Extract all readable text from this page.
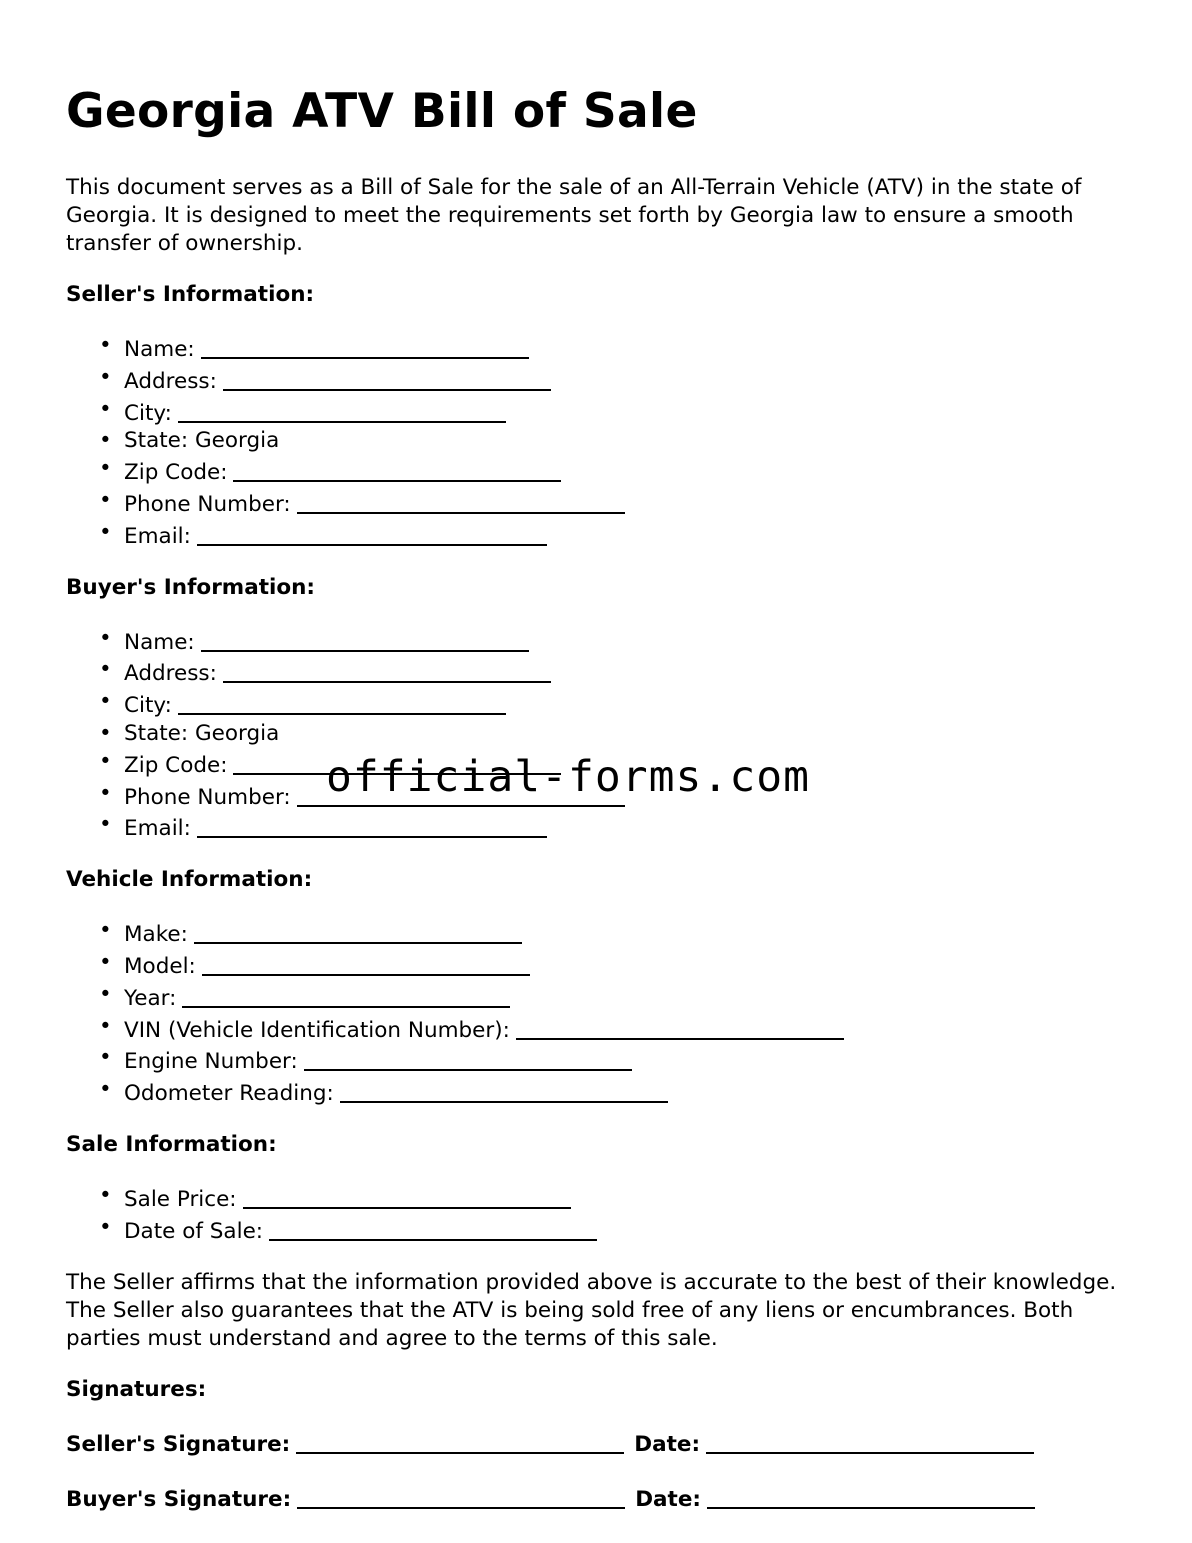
Georgia ATV Bill of Sale

This document serves as a Bill of Sale for the sale of an All-Terrain Vehicle (ATV) in the state of Georgia. It is designed to meet the requirements set forth by Georgia law to ensure a smooth transfer of ownership.

Seller's Information:

• Name:
• Address:
• City:
• State: Georgia
• Zip Code:
• Phone Number:
• Email:

Buyer's Information:

• Name:
• Address:
• City:
• State: Georgia
• Zip Code:
• Phone Number:
• Email:

Vehicle Information:

• Make:
• Model:
• Year:
• VIN (Vehicle Identification Number):
• Engine Number:
• Odometer Reading:

Sale Information:

• Sale Price:
• Date of Sale:

The Seller affirms that the information provided above is accurate to the best of their knowledge. The Seller also guarantees that the ATV is being sold free of any liens or encumbrances. Both parties must understand and agree to the terms of this sale.

Signatures:

Seller's Signature:	Date:

Buyer's Signature:	Date:

official-forms.com
